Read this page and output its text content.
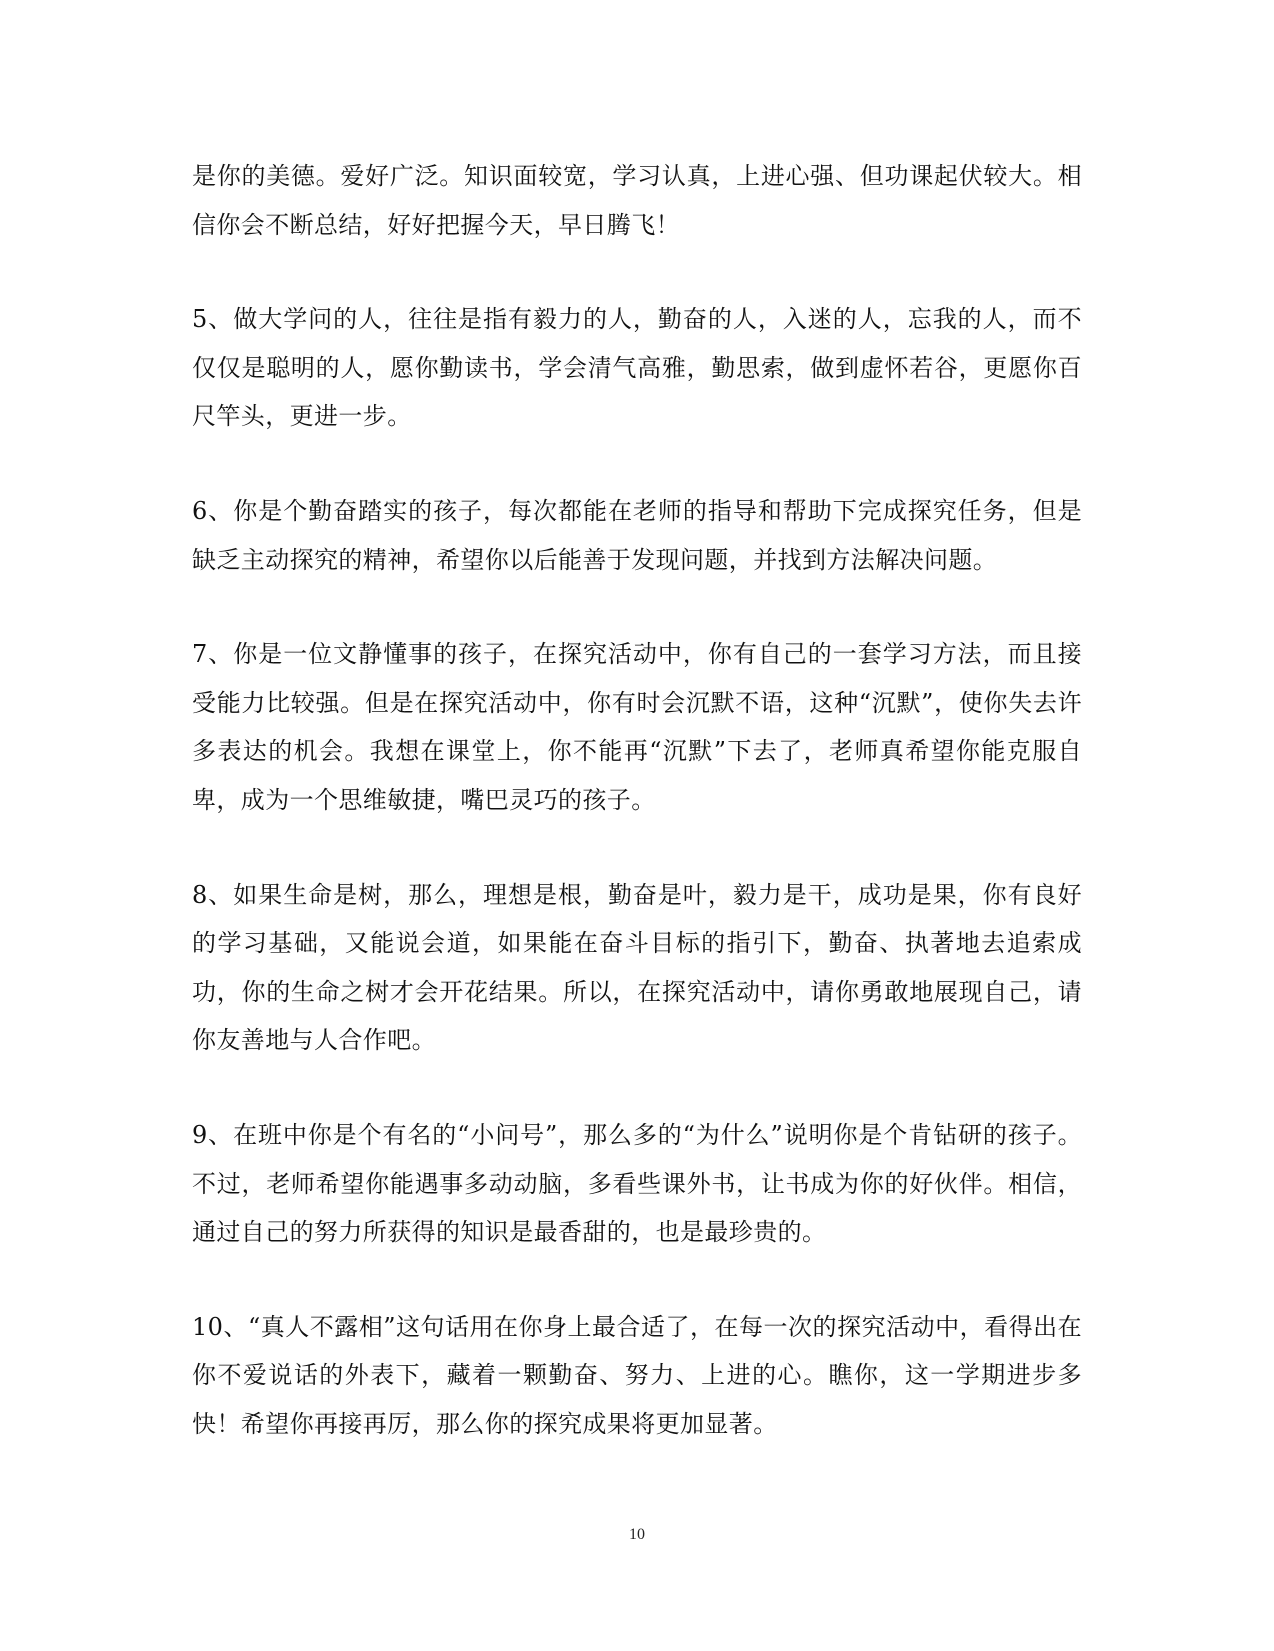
是你的美德。爱好广泛。知识面较宽，学习认真，上进心强、但功课起伏较大。相信你会不断总结，好好把握今天，早日腾飞！

5、做大学问的人，往往是指有毅力的人，勤奋的人，入迷的人，忘我的人，而不仅仅是聪明的人，愿你勤读书，学会清气高雅，勤思索，做到虚怀若谷，更愿你百尺竿头，更进一步。

6、你是个勤奋踏实的孩子，每次都能在老师的指导和帮助下完成探究任务，但是缺乏主动探究的精神，希望你以后能善于发现问题，并找到方法解决问题。

7、你是一位文静懂事的孩子，在探究活动中，你有自己的一套学习方法，而且接受能力比较强。但是在探究活动中，你有时会沉默不语，这种“沉默”，使你失去许多表达的机会。我想在课堂上，你不能再“沉默”下去了，老师真希望你能克服自卑，成为一个思维敏捷，嘴巴灵巧的孩子。

8、如果生命是树，那么，理想是根，勤奋是叶，毅力是干，成功是果，你有良好的学习基础，又能说会道，如果能在奋斗目标的指引下，勤奋、执著地去追索成功，你的生命之树才会开花结果。所以，在探究活动中，请你勇敢地展现自己，请你友善地与人合作吧。

9、在班中你是个有名的“小问号”，那么多的“为什么”说明你是个肯钻研的孩子。不过，老师希望你能遇事多动动脑，多看些课外书，让书成为你的好伙伴。相信，通过自己的努力所获得的知识是最香甜的，也是最珍贵的。

10、“真人不露相”这句话用在你身上最合适了，在每一次的探究活动中，看得出在你不爱说话的外表下，藏着一颗勤奋、努力、上进的心。瞧你，这一学期进步多快！希望你再接再厉，那么你的探究成果将更加显著。

10
